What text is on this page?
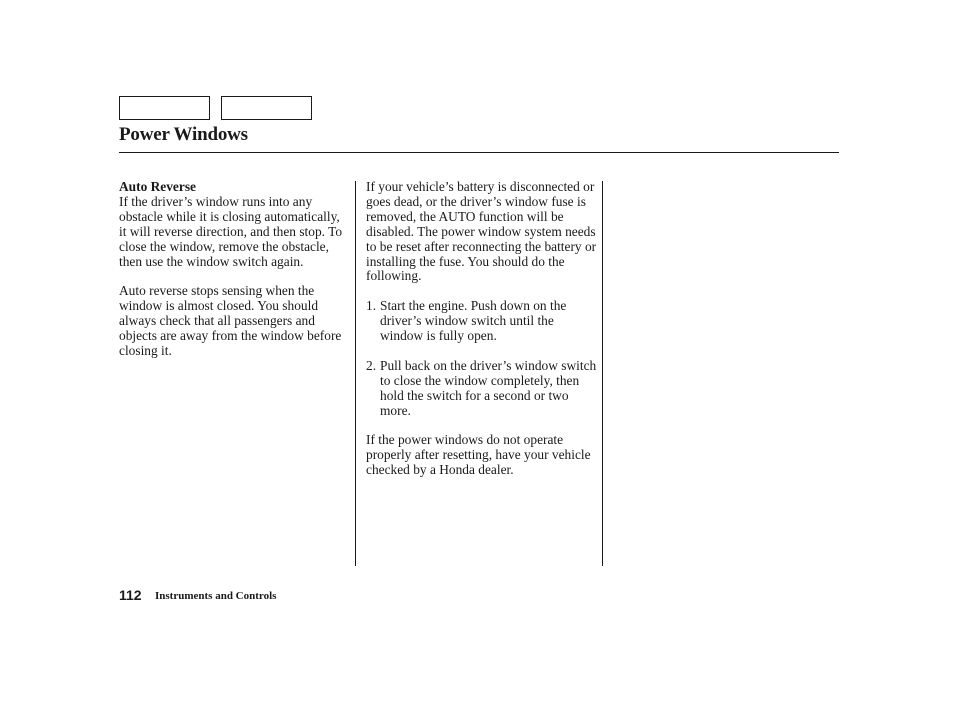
Power Windows

Auto Reverse
If the driver’s window runs into any obstacle while it is closing automatically, it will reverse direction, and then stop. To close the window, remove the obstacle, then use the window switch again.

Auto reverse stops sensing when the window is almost closed. You should always check that all passengers and objects are away from the window before closing it.

If your vehicle’s battery is disconnected or goes dead, or the driver’s window fuse is removed, the AUTO function will be disabled. The power window system needs to be reset after reconnecting the battery or installing the fuse. You should do the following.

1. Start the engine. Push down on the driver’s window switch until the window is fully open.
2. Pull back on the driver’s window switch to close the window completely, then hold the switch for a second or two more.

If the power windows do not operate properly after resetting, have your vehicle checked by a Honda dealer.

112 Instruments and Controls
